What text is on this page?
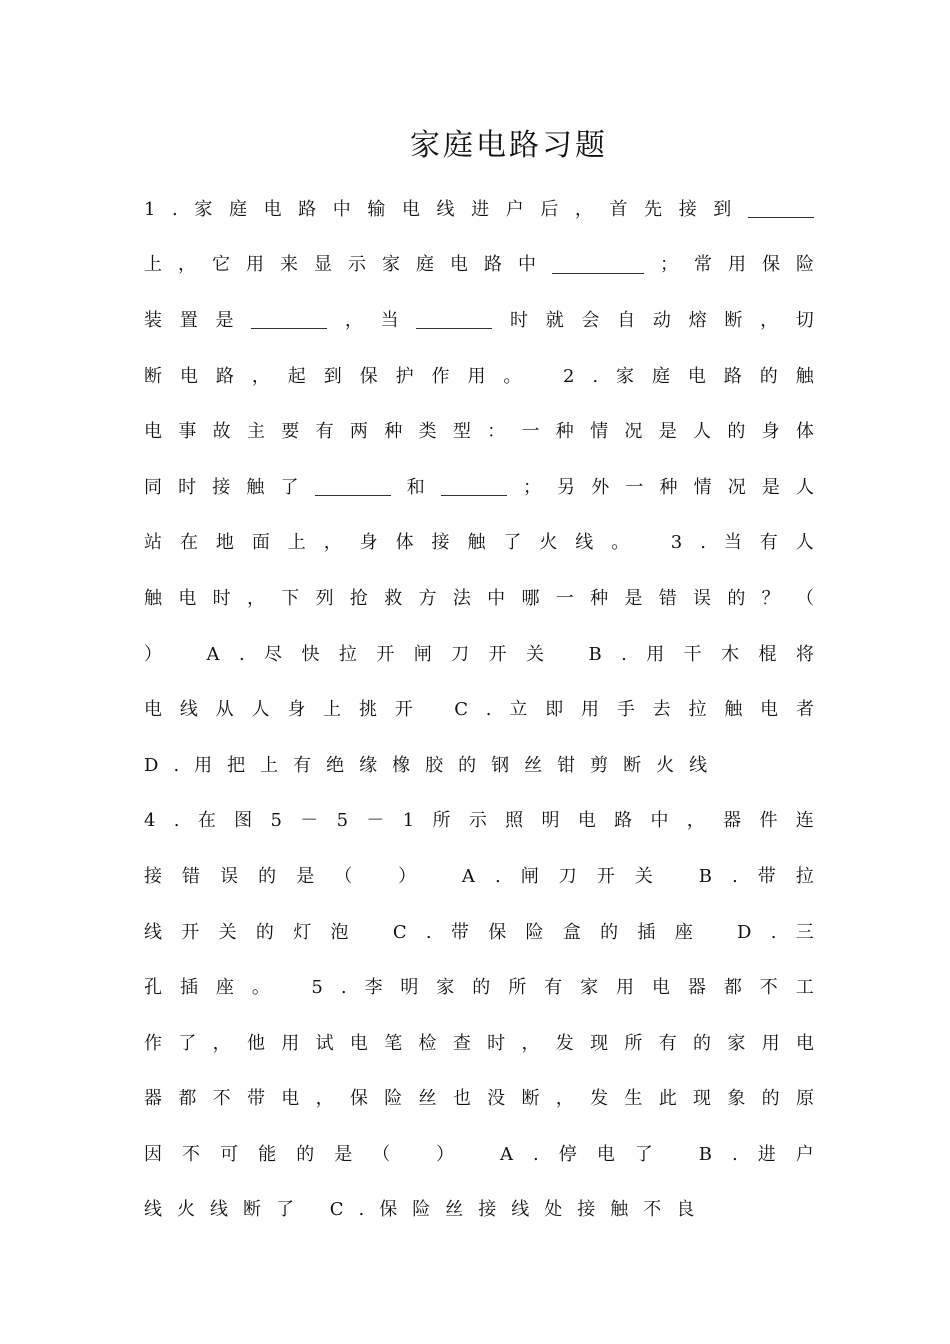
家庭电路习题
1 . 家 庭 电 路 中 输 电 线 进 户 后 ， 首 先 接 到
上 ， 它 用 来 显 示 家 庭 电 路 中	； 常 用 保 险
装 置 是	， 当	时 就 会 自 动 熔 断 ， 切
断 电 路 ， 起 到 保 护 作 用 。
2 . 家 庭 电 路 的 触
电 事 故 主 要 有 两 种 类 型 ： 一 种 情 况 是 人 的 身 体
同 时 接 触 了	和	； 另 外 一 种 情 况 是 人
站 在 地 面 上 ， 身 体 接 触 了 火 线 。
3 . 当 有 人
触 电 时 ， 下 列 抢 救 方 法 中 哪 一 种 是 错 误 的 ？ （
）
A . 尽 快 拉 开 闸 刀 开 关
B . 用 干 木 棍 将
电 线 从 人 身 上 挑 开
C . 立 即 用 手 去 拉 触 电 者
D . 用 把 上 有 绝 缘 橡 胶 的 钢 丝 钳 剪 断 火 线
4 . 在 图 5 － 5 － 1 所 示 照 明 电 路 中 ， 器 件 连
接 错 误 的 是 （
	）
	A . 闸 刀 开 关
	B . 带 拉
线 开 关 的 灯 泡
C . 带 保 险 盒 的 插 座
D . 三
孔 插 座 。
5 . 李 明 家 的 所 有 家 用 电 器 都 不 工
作 了 ， 他 用 试 电 笔 检 查 时 ， 发 现 所 有 的 家 用 电
器 都 不 带 电 ， 保 险 丝 也 没 断 ， 发 生 此 现 象 的 原
因 不 可 能 的 是 （
	）
	A . 停 电 了
	B . 进 户
线 火 线 断 了
C . 保 险 丝 接 线 处 接 触 不 良
